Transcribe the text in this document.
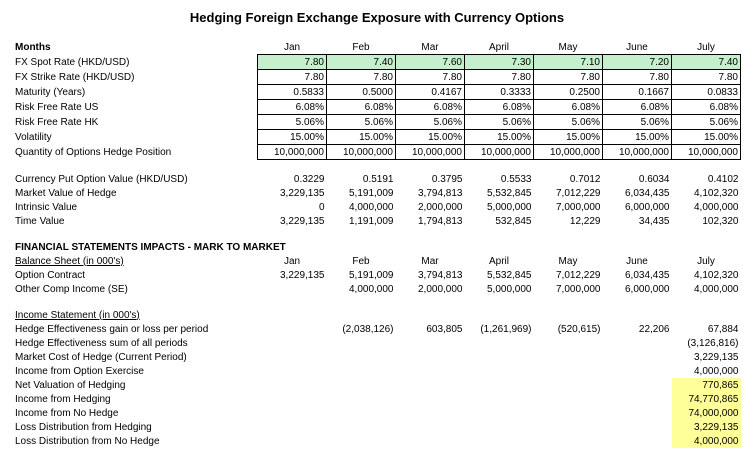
Hedging Foreign Exchange Exposure with Currency Options
Months	Jan	Feb	Mar	April	May	June	July
FX Spot Rate (HKD/USD)	7.80	7.40	7.60	7.30	7.10	7.20	7.40
FX Strike Rate (HKD/USD)	7.80	7.80	7.80	7.80	7.80	7.80	7.80
Maturity (Years)	0.5833	0.5000	0.4167	0.3333	0.2500	0.1667	0.0833
Risk Free Rate US	6.08%	6.08%	6.08%	6.08%	6.08%	6.08%	6.08%
Risk Free Rate HK	5.06%	5.06%	5.06%	5.06%	5.06%	5.06%	5.06%
Volatility	15.00%	15.00%	15.00%	15.00%	15.00%	15.00%	15.00%
Quantity of Options Hedge Position	10,000,000	10,000,000	10,000,000	10,000,000	10,000,000	10,000,000	10,000,000

Currency Put Option Value (HKD/USD)	0.3229	0.5191	0.3795	0.5533	0.7012	0.6034	0.4102
Market Value of Hedge	3,229,135	5,191,009	3,794,813	5,532,845	7,012,229	6,034,435	4,102,320
Intrinsic Value	0	4,000,000	2,000,000	5,000,000	7,000,000	6,000,000	4,000,000
Time Value	3,229,135	1,191,009	1,794,813	532,845	12,229	34,435	102,320

FINANCIAL STATEMENTS IMPACTS - MARK TO MARKET							
Balance Sheet (in 000's)	Jan	Feb	Mar	April	May	June	July
Option Contract	3,229,135	5,191,009	3,794,813	5,532,845	7,012,229	6,034,435	4,102,320
Other Comp Income (SE)		4,000,000	2,000,000	5,000,000	7,000,000	6,000,000	4,000,000

Income Statement (in 000's)							
Hedge Effectiveness gain or loss per period		(2,038,126)	603,805	(1,261,969)	(520,615)	22,206	67,884
Hedge Effectiveness sum of all periods							(3,126,816)
Market Cost of Hedge (Current Period)							3,229,135
Income from Option Exercise							4,000,000
Net Valuation of Hedging							770,865
Income from Hedging							74,770,865
Income from No Hedge							74,000,000
Loss Distribution from Hedging							3,229,135
Loss Distribution from No Hedge							4,000,000
